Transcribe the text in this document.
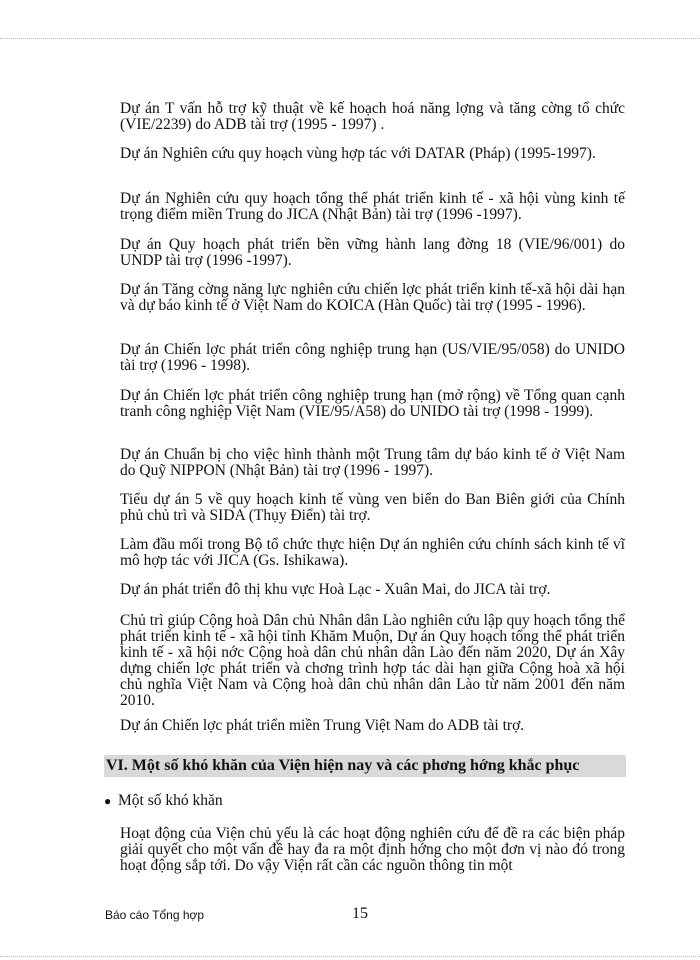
Dự án T vấn hỗ trợ kỹ thuật về kế hoạch hoá năng lợng và tăng cờng tổ chức (VIE/2239) do ADB tài trợ (1995 - 1997) .

Dự án Nghiên cứu quy hoạch vùng hợp tác với DATAR (Pháp) (1995-1997).

Dự án Nghiên cứu quy hoạch tổng thể phát triển kinh tế - xã hội vùng kinh tế trọng điểm miền Trung do JICA (Nhật Bản) tài trợ (1996 -1997).

Dự án Quy hoạch phát triển bền vững hành lang đờng 18 (VIE/96/001) do UNDP tài trợ (1996 -1997).

Dự án Tăng cờng năng lực nghiên cứu chiến lợc phát triển kinh tế-xã hội dài hạn và dự báo kinh tế ở Việt Nam do KOICA (Hàn Quốc) tài trợ (1995 - 1996).

Dự án Chiến lợc phát triển công nghiệp trung hạn (US/VIE/95/058) do UNIDO tài trợ (1996 - 1998).

Dự án Chiến lợc phát triển công nghiệp trung hạn (mở rộng) về Tổng quan cạnh tranh công nghiệp Việt Nam (VIE/95/A58) do UNIDO tài trợ (1998 - 1999).

Dự án Chuẩn bị cho việc hình thành một Trung tâm dự báo kinh tế ở Việt Nam do Quỹ NIPPON (Nhật Bản) tài trợ (1996 - 1997).

Tiểu dự án 5 về quy hoạch kinh tế vùng ven biển do Ban Biên giới của Chính phủ chủ trì và SIDA (Thụy Điển) tài trợ.

Làm đầu mối trong Bộ tổ chức thực hiện Dự án nghiên cứu chính sách kinh tế vĩ mô hợp tác với JICA (Gs. Ishikawa).

Dự án phát triển đô thị khu vực Hoà Lạc - Xuân Mai, do JICA tài trợ.

Chủ trì giúp Cộng hoà Dân chủ Nhân dân Lào nghiên cứu lập quy hoạch tổng thể phát triển kinh tế - xã hội tỉnh Khăm Muộn, Dự án Quy hoạch tổng thể phát triển kinh tế - xã hội nớc Cộng hoà dân chủ nhân dân Lào đến năm 2020, Dự án Xây dựng chiến lợc phát triển và chơng trình hợp tác dài hạn giữa Cộng hoà xã hội chủ nghĩa Việt Nam và Cộng hoà dân chủ nhân dân Lào từ năm 2001 đến năm 2010.

Dự án Chiến lợc phát triển miền Trung Việt Nam do ADB tài trợ.

VI. Một số khó khăn của Viện hiện nay và các phơng hớng khắc phục
● Một số khó khăn

Hoạt động của Viện chủ yếu là các hoạt động nghiên cứu để đề ra các biện pháp giải quyết cho một vấn đề hay đa ra một định hớng cho một đơn vị nào đó trong hoạt động sắp tới. Do vậy Viện rất cần các nguồn thông tin một

Báo cáo Tổng hợp	15
